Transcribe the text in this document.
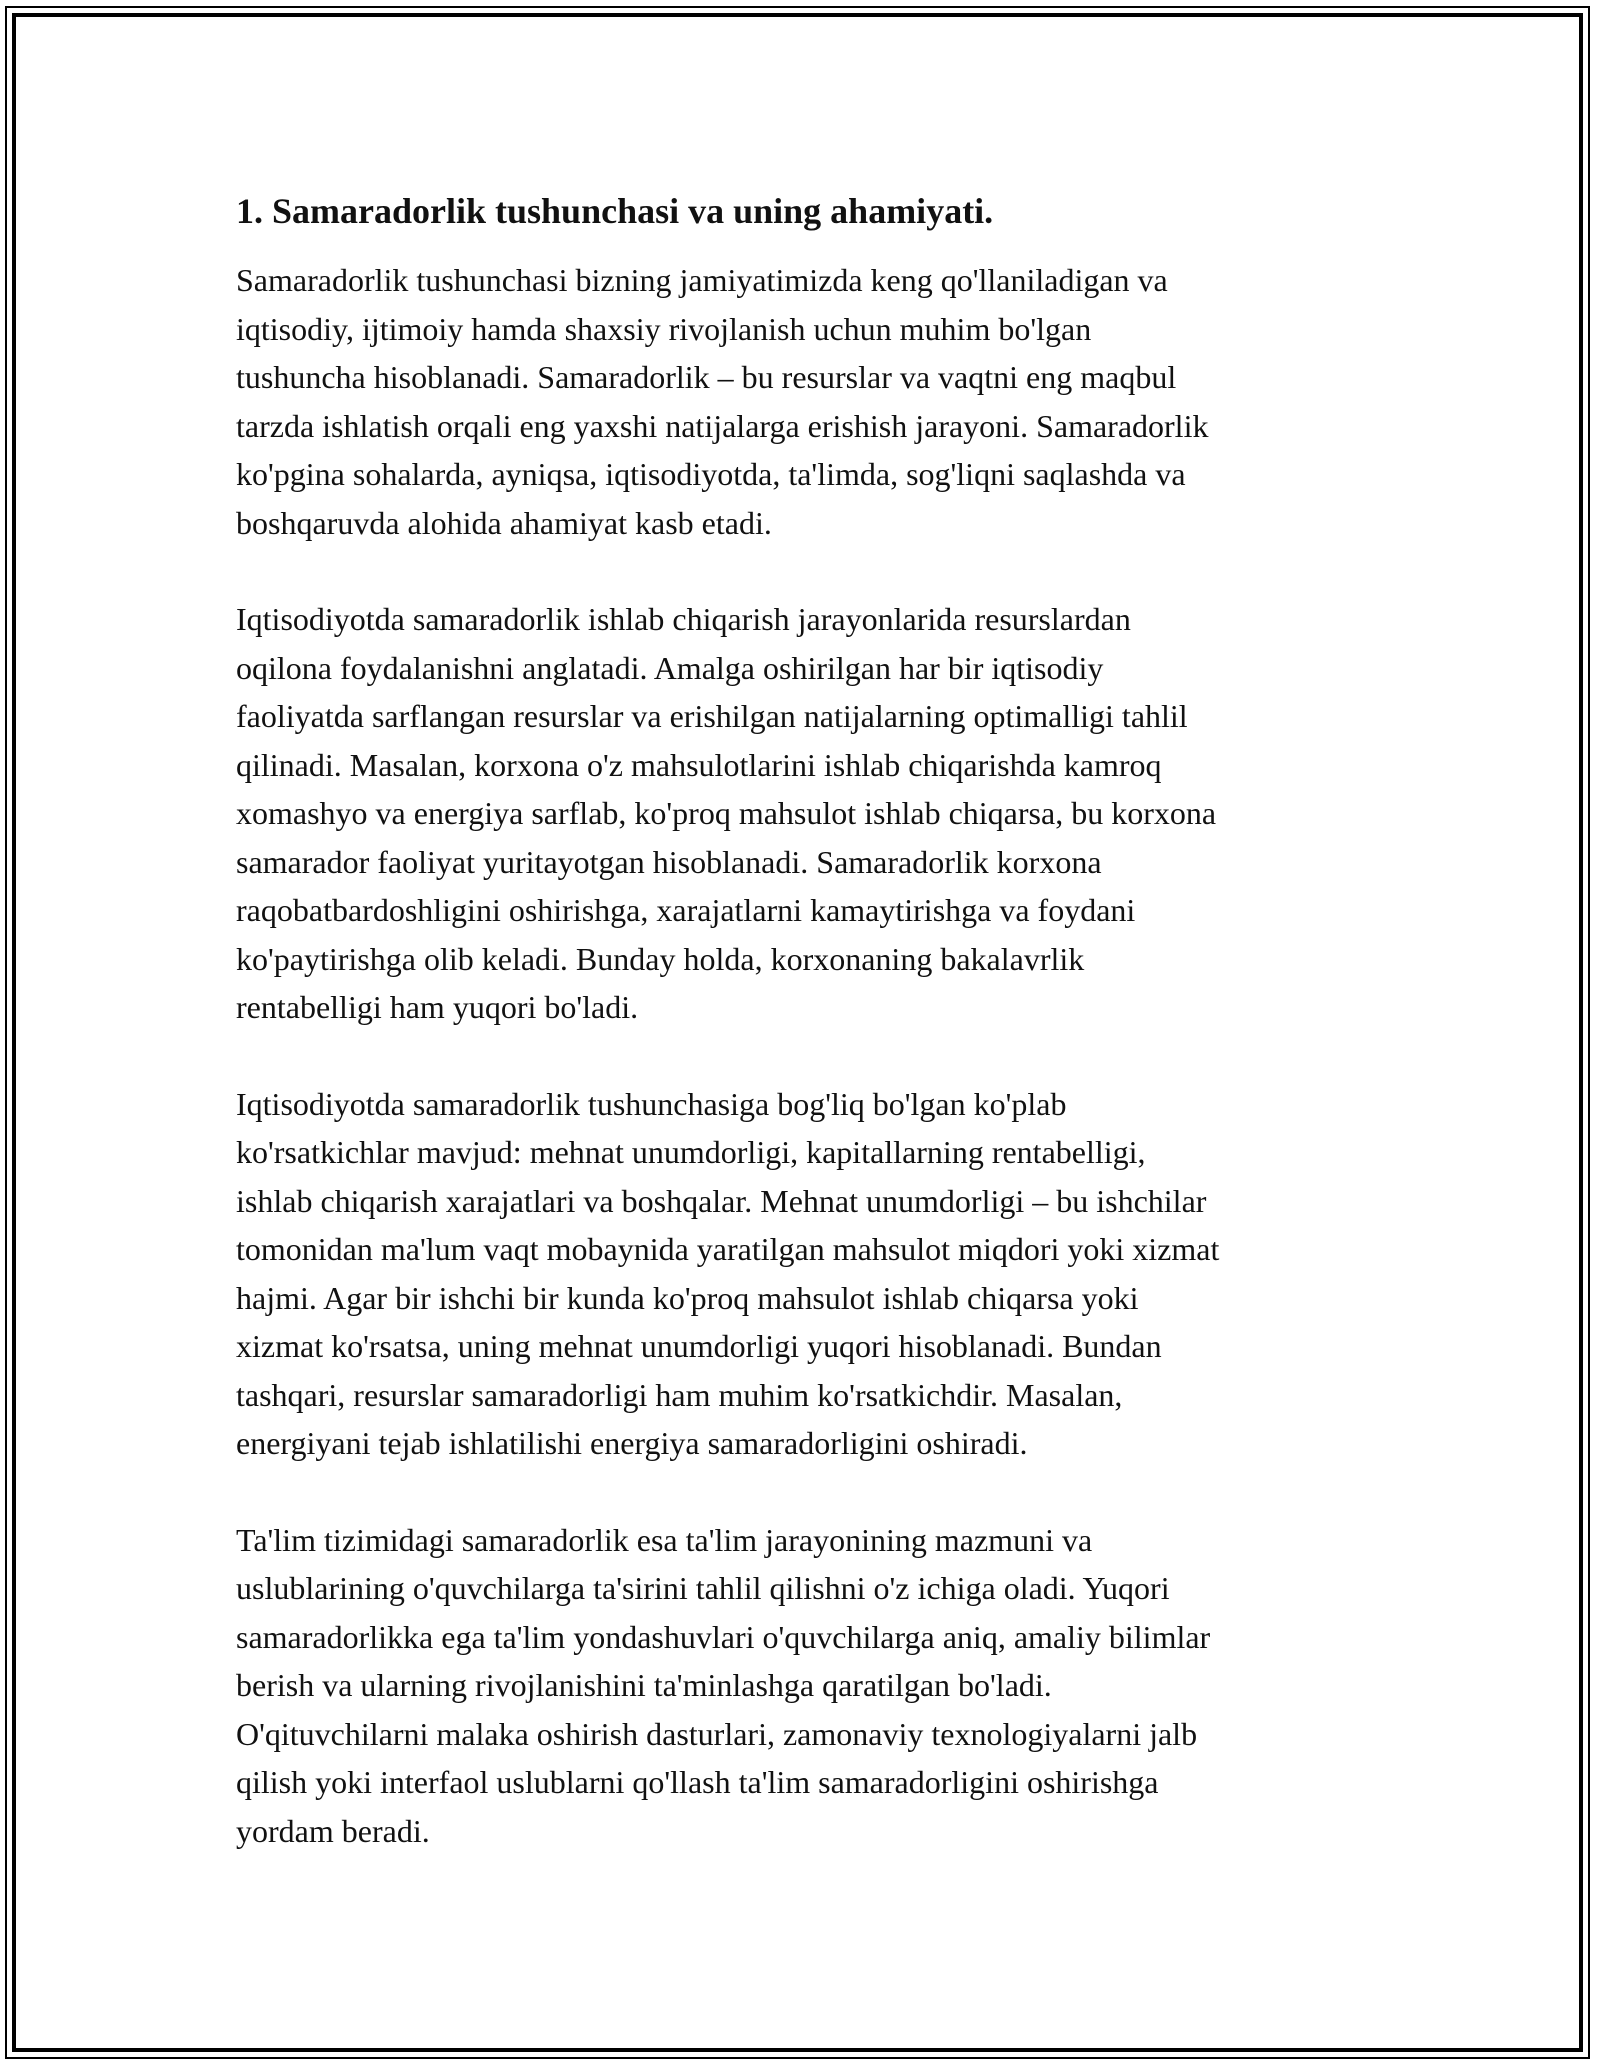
1. Samaradorlik tushunchasi va uning ahamiyati.

Samaradorlik tushunchasi bizning jamiyatimizda keng qo'llaniladigan va
iqtisodiy, ijtimoiy hamda shaxsiy rivojlanish uchun muhim bo'lgan
tushuncha hisoblanadi. Samaradorlik – bu resurslar va vaqtni eng maqbul
tarzda ishlatish orqali eng yaxshi natijalarga erishish jarayoni. Samaradorlik
ko'pgina sohalarda, ayniqsa, iqtisodiyotda, ta'limda, sog'liqni saqlashda va
boshqaruvda alohida ahamiyat kasb etadi.

Iqtisodiyotda samaradorlik ishlab chiqarish jarayonlarida resurslardan
oqilona foydalanishni anglatadi. Amalga oshirilgan har bir iqtisodiy
faoliyatda sarflangan resurslar va erishilgan natijalarning optimalligi tahlil
qilinadi. Masalan, korxona o'z mahsulotlarini ishlab chiqarishda kamroq
xomashyo va energiya sarflab, ko'proq mahsulot ishlab chiqarsa, bu korxona
samarador faoliyat yuritayotgan hisoblanadi. Samaradorlik korxona
raqobatbardoshligini oshirishga, xarajatlarni kamaytirishga va foydani
ko'paytirishga olib keladi. Bunday holda, korxonaning bakalavrlik
rentabelligi ham yuqori bo'ladi.

Iqtisodiyotda samaradorlik tushunchasiga bog'liq bo'lgan ko'plab
ko'rsatkichlar mavjud: mehnat unumdorligi, kapitallarning rentabelligi,
ishlab chiqarish xarajatlari va boshqalar. Mehnat unumdorligi – bu ishchilar
tomonidan ma'lum vaqt mobaynida yaratilgan mahsulot miqdori yoki xizmat
hajmi. Agar bir ishchi bir kunda ko'proq mahsulot ishlab chiqarsa yoki
xizmat ko'rsatsa, uning mehnat unumdorligi yuqori hisoblanadi. Bundan
tashqari, resurslar samaradorligi ham muhim ko'rsatkichdir. Masalan,
energiyani tejab ishlatilishi energiya samaradorligini oshiradi.

Ta'lim tizimidagi samaradorlik esa ta'lim jarayonining mazmuni va
uslublarining o'quvchilarga ta'sirini tahlil qilishni o'z ichiga oladi. Yuqori
samaradorlikka ega ta'lim yondashuvlari o'quvchilarga aniq, amaliy bilimlar
berish va ularning rivojlanishini ta'minlashga qaratilgan bo'ladi.
O'qituvchilarni malaka oshirish dasturlari, zamonaviy texnologiyalarni jalb
qilish yoki interfaol uslublarni qo'llash ta'lim samaradorligini oshirishga
yordam beradi.
